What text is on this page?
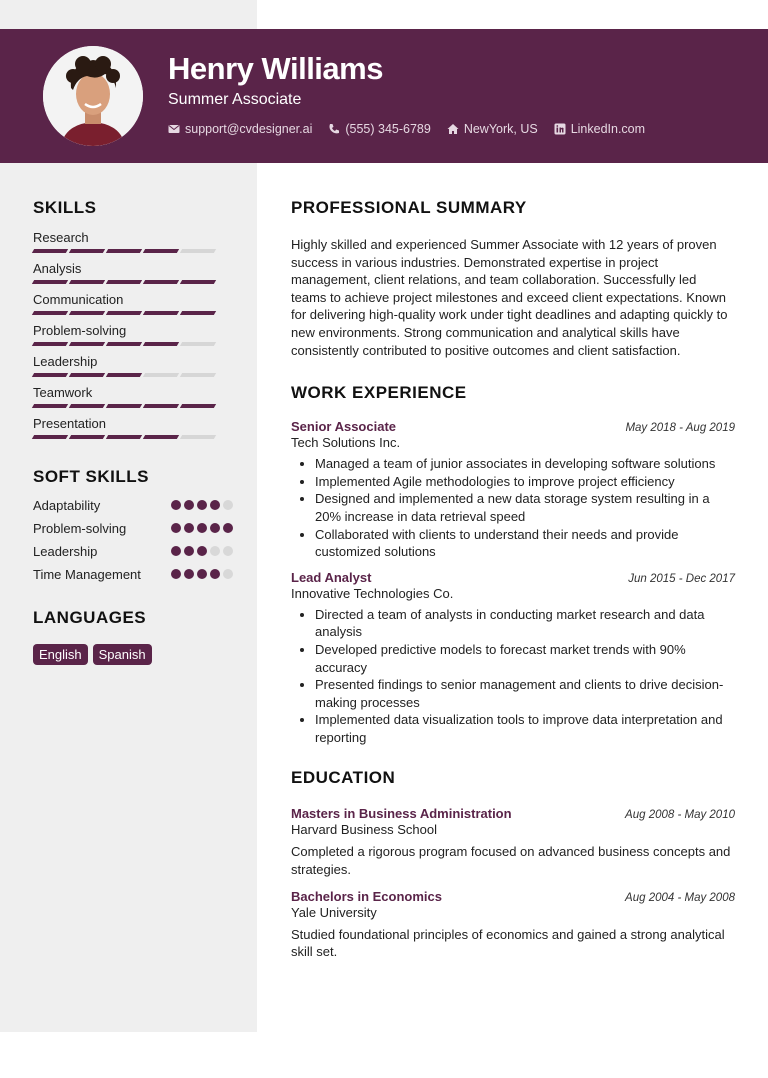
Henry Williams
Summer Associate
support@cvdesigner.ai	(555) 345-6789	NewYork, US	LinkedIn.com
SKILLS
Research
Analysis
Communication
Problem-solving
Leadership
Teamwork
Presentation
SOFT SKILLS
Adaptability
Problem-solving
Leadership
Time Management
LANGUAGES
English	Spanish
PROFESSIONAL SUMMARY

Highly skilled and experienced Summer Associate with 12 years of proven success in various industries. Demonstrated expertise in project management, client relations, and team collaboration. Successfully led teams to achieve project milestones and exceed client expectations. Known for delivering high-quality work under tight deadlines and adapting quickly to new environments. Strong communication and analytical skills have consistently contributed to positive outcomes and client satisfaction.

WORK EXPERIENCE
Senior Associate	May 2018 - Aug 2019
Tech Solutions Inc.
• Managed a team of junior associates in developing software solutions
• Implemented Agile methodologies to improve project efficiency
• Designed and implemented a new data storage system resulting in a 20% increase in data retrieval speed
• Collaborated with clients to understand their needs and provide customized solutions
Lead Analyst	Jun 2015 - Dec 2017
Innovative Technologies Co.
• Directed a team of analysts in conducting market research and data analysis
• Developed predictive models to forecast market trends with 90% accuracy
• Presented findings to senior management and clients to drive decision-making processes
• Implemented data visualization tools to improve data interpretation and reporting
EDUCATION
Masters in Business Administration	Aug 2008 - May 2010
Harvard Business School

Completed a rigorous program focused on advanced business concepts and strategies.

Bachelors in Economics	Aug 2004 - May 2008
Yale University

Studied foundational principles of economics and gained a strong analytical skill set.
